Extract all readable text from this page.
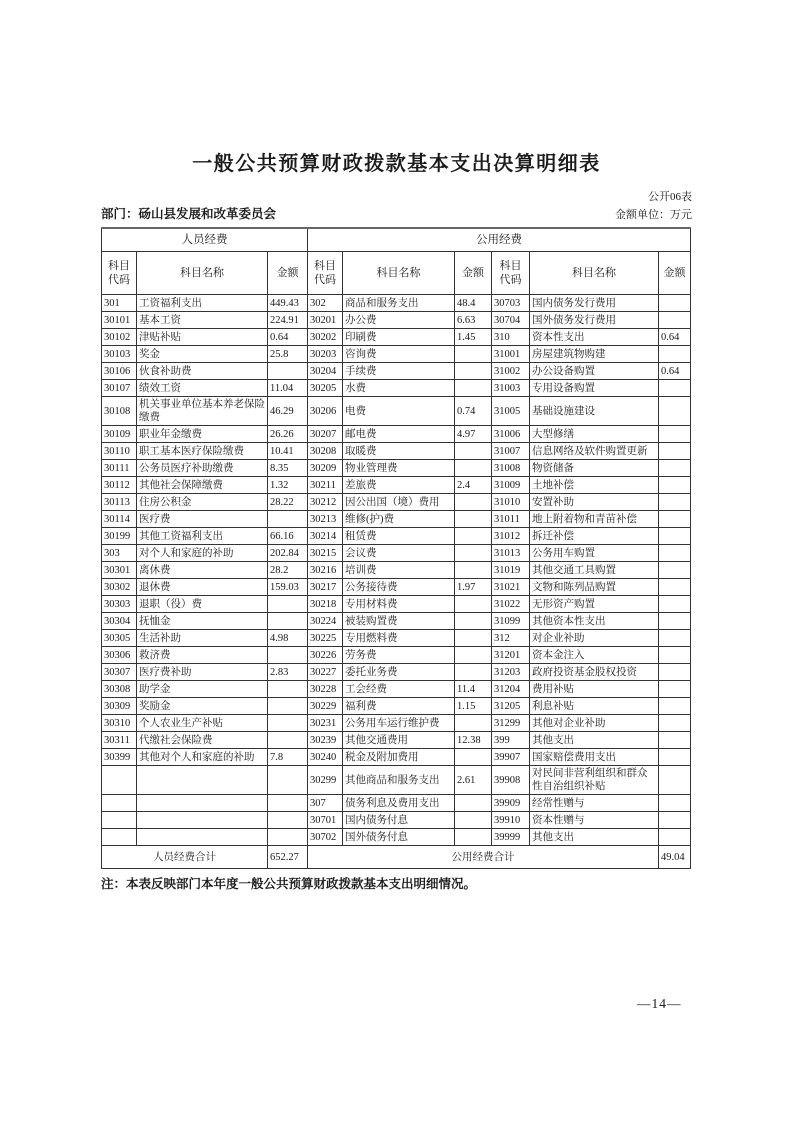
一般公共预算财政拨款基本支出决算明细表
公开06表
部门：砀山县发展和改革委员会	金额单位：万元
人员经费			公用经费					
科目代码	科目名称	金额	科目代码	科目名称	金额	科目代码	科目名称	金额
301	工资福利支出	449.43	302	商品和服务支出	48.4	30703	国内债务发行费用	
30101	基本工资	224.91	30201	办公费	6.63	30704	国外债务发行费用	
30102	津贴补贴	0.64	30202	印刷费	1.45	310	资本性支出	0.64
30103	奖金	25.8	30203	咨询费		31001	房屋建筑物购建	
30106	伙食补助费		30204	手续费		31002	办公设备购置	0.64
30107	绩效工资	11.04	30205	水费		31003	专用设备购置	
30108	机关事业单位基本养老保险缴费	46.29	30206	电费	0.74	31005	基础设施建设	
30109	职业年金缴费	26.26	30207	邮电费	4.97	31006	大型修缮	
30110	职工基本医疗保险缴费	10.41	30208	取暖费		31007	信息网络及软件购置更新	
30111	公务员医疗补助缴费	8.35	30209	物业管理费		31008	物资储备	
30112	其他社会保障缴费	1.32	30211	差旅费	2.4	31009	土地补偿	
30113	住房公积金	28.22	30212	因公出国（境）费用		31010	安置补助	
30114	医疗费		30213	维修(护)费		31011	地上附着物和青苗补偿	
30199	其他工资福利支出	66.16	30214	租赁费		31012	拆迁补偿	
303	对个人和家庭的补助	202.84	30215	会议费		31013	公务用车购置	
30301	离休费	28.2	30216	培训费		31019	其他交通工具购置	
30302	退休费	159.03	30217	公务接待费	1.97	31021	文物和陈列品购置	
30303	退职（役）费		30218	专用材料费		31022	无形资产购置	
30304	抚恤金		30224	被装购置费		31099	其他资本性支出	
30305	生活补助	4.98	30225	专用燃料费		312	对企业补助	
30306	救济费		30226	劳务费		31201	资本金注入	
30307	医疗费补助	2.83	30227	委托业务费		31203	政府投资基金股权投资	
30308	助学金		30228	工会经费	11.4	31204	费用补贴	
30309	奖励金		30229	福利费	1.15	31205	利息补贴	
30310	个人农业生产补贴		30231	公务用车运行维护费		31299	其他对企业补助	
30311	代缴社会保险费		30239	其他交通费用	12.38	399	其他支出	
30399	其他对个人和家庭的补助	7.8	30240	税金及附加费用		39907	国家赔偿费用支出	
			30299	其他商品和服务支出	2.61	39908	对民间非营利组织和群众性自治组织补贴	
			307	债务利息及费用支出		39909	经常性赠与	
			30701	国内债务付息		39910	资本性赠与	
			30702	国外债务付息		39999	其他支出	
人员经费合计		652.27	公用经费合计					49.04
注：本表反映部门本年度一般公共预算财政拨款基本支出明细情况。
—14—
